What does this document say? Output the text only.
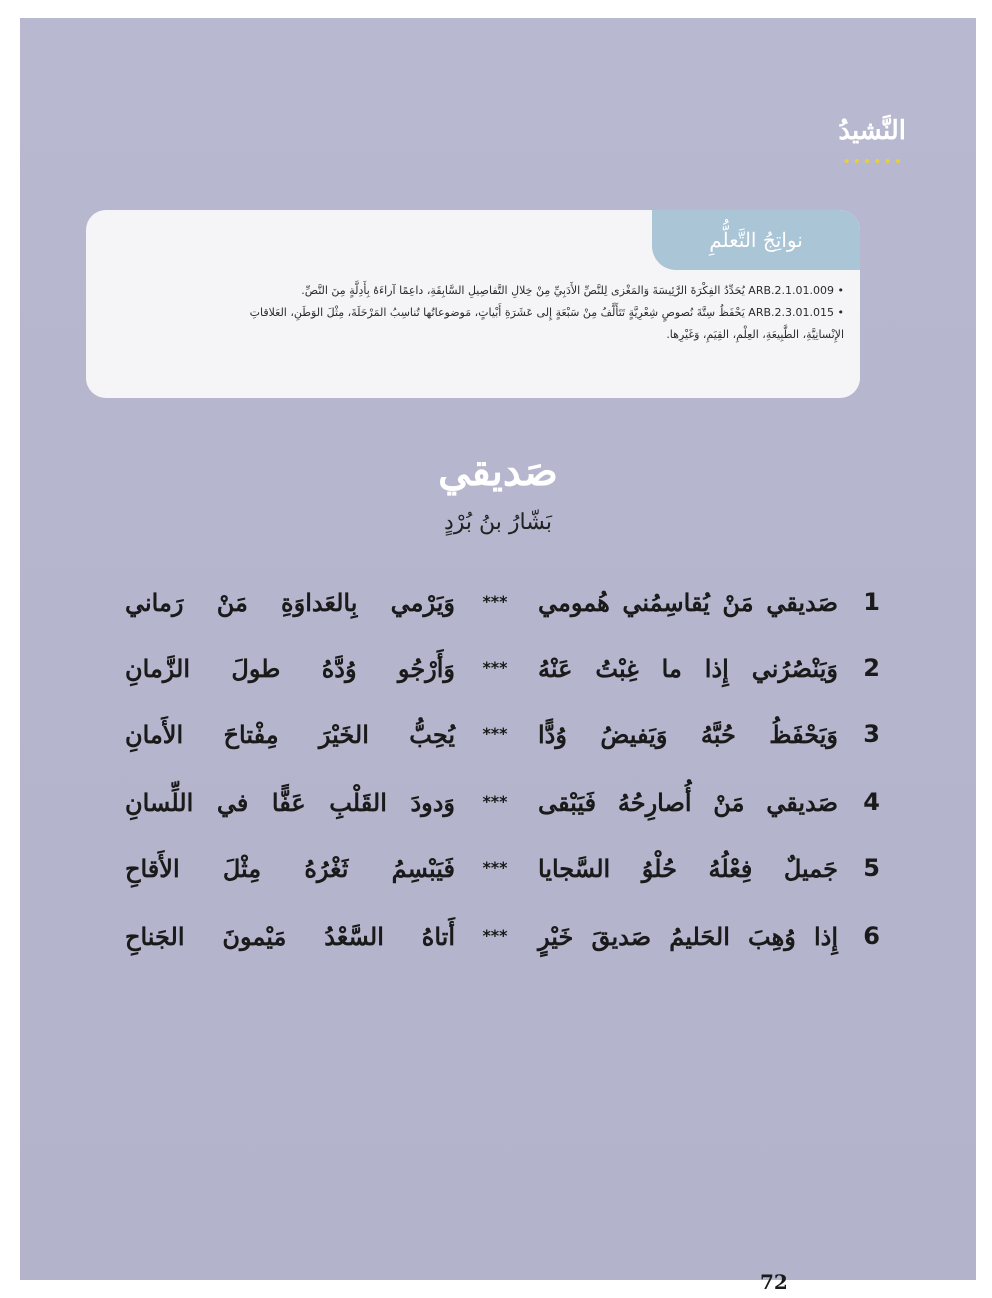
النَّشيدُ
••••••
نواتِجُ التَّعلُّمِ
• ARB.2.1.01.009 يُحَدِّدُ الفِكْرَةَ الرَّئِيسَةَ وَالمَغْزى لِلنَّصِّ الأَدَبِيِّ مِنْ خِلالِ التَّفاصِيلِ السَّابِقَةِ، داعِمًا آراءَهُ بِأَدِلَّةٍ مِنَ النَّصِّ.
• ARB.2.3.01.015 يَحْفَظُ سِتَّةَ نُصوصٍ شِعْرِيَّةٍ تَتَأَلَّفُ مِنْ سَبْعَةٍ إِلى عَشَرَةِ أَبْياتٍ، مَوضوعاتُها تُناسِبُ المَرْحَلَةَ، مِثْلَ الوَطَنِ، العَلاقاتِ الإِنْسانِيَّةِ، الطَّبِيعَةِ، العِلْمِ، القِيَمِ، وَغَيْرِها.
صَديقي
بَشّارُ بنُ بُرْدٍ
1
صَديقي مَنْ يُقاسِمُني هُمومي
***
وَيَرْمي بِالعَداوَةِ مَنْ رَماني
2
وَيَنْصُرُني إِذا ما غِبْتُ عَنْهُ
***
وَأَرْجُو وُدَّهُ طولَ الزَّمانِ
3
وَيَحْفَظُ حُبَّهُ وَيَفيضُ وُدًّا
***
يُحِبُّ الخَيْرَ مِفْتاحَ الأَمانِ
4
صَديقي مَنْ أُصارِحُهُ فَيَبْقى
***
وَدودَ القَلْبِ عَفًّا في اللِّسانِ
5
جَميلٌ فِعْلُهُ حُلْوُ السَّجايا
***
فَيَبْسِمُ ثَغْرُهُ مِثْلَ الأَقاحِ
6
إِذا وُهِبَ الحَليمُ صَديقَ خَيْرٍ
***
أَتاهُ السَّعْدُ مَيْمونَ الجَناحِ
72
